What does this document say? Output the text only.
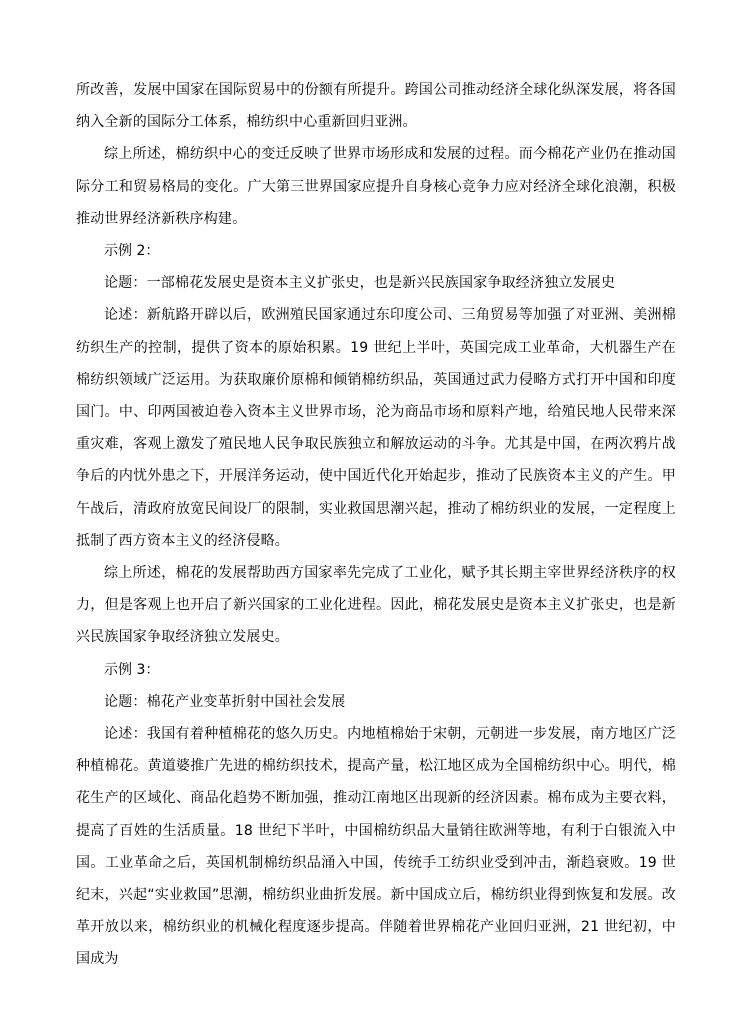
所改善，发展中国家在国际贸易中的份额有所提升。跨国公司推动经济全球化纵深发展，将各国纳入全新的国际分工体系，棉纺织中心重新回归亚洲。

综上所述，棉纺织中心的变迁反映了世界市场形成和发展的过程。而今棉花产业仍在推动国际分工和贸易格局的变化。广大第三世界国家应提升自身核心竞争力应对经济全球化浪潮，积极推动世界经济新秩序构建。

示例 2：

论题：一部棉花发展史是资本主义扩张史，也是新兴民族国家争取经济独立发展史

论述：新航路开辟以后，欧洲殖民国家通过东印度公司、三角贸易等加强了对亚洲、美洲棉纺织生产的控制，提供了资本的原始积累。19 世纪上半叶，英国完成工业革命，大机器生产在棉纺织领域广泛运用。为获取廉价原棉和倾销棉纺织品，英国通过武力侵略方式打开中国和印度国门。中、印两国被迫卷入资本主义世界市场，沦为商品市场和原料产地，给殖民地人民带来深重灾难，客观上激发了殖民地人民争取民族独立和解放运动的斗争。尤其是中国，在两次鸦片战争后的内忧外患之下，开展洋务运动，使中国近代化开始起步，推动了民族资本主义的产生。甲午战后，清政府放宽民间设厂的限制，实业救国思潮兴起，推动了棉纺织业的发展，一定程度上抵制了西方资本主义的经济侵略。

综上所述，棉花的发展帮助西方国家率先完成了工业化，赋予其长期主宰世界经济秩序的权力，但是客观上也开启了新兴国家的工业化进程。因此，棉花发展史是资本主义扩张史，也是新兴民族国家争取经济独立发展史。

示例 3：

论题：棉花产业变革折射中国社会发展

论述：我国有着种植棉花的悠久历史。内地植棉始于宋朝，元朝进一步发展，南方地区广泛种植棉花。黄道婆推广先进的棉纺织技术，提高产量，松江地区成为全国棉纺织中心。明代，棉花生产的区域化、商品化趋势不断加强，推动江南地区出现新的经济因素。棉布成为主要衣料，提高了百姓的生活质量。18 世纪下半叶，中国棉纺织品大量销往欧洲等地，有利于白银流入中国。工业革命之后，英国机制棉纺织品涌入中国，传统手工纺织业受到冲击，渐趋衰败。19 世纪末，兴起“实业救国”思潮，棉纺织业曲折发展。新中国成立后，棉纺织业得到恢复和发展。改革开放以来，棉纺织业的机械化程度逐步提高。伴随着世界棉花产业回归亚洲，21 世纪初，中国成为
